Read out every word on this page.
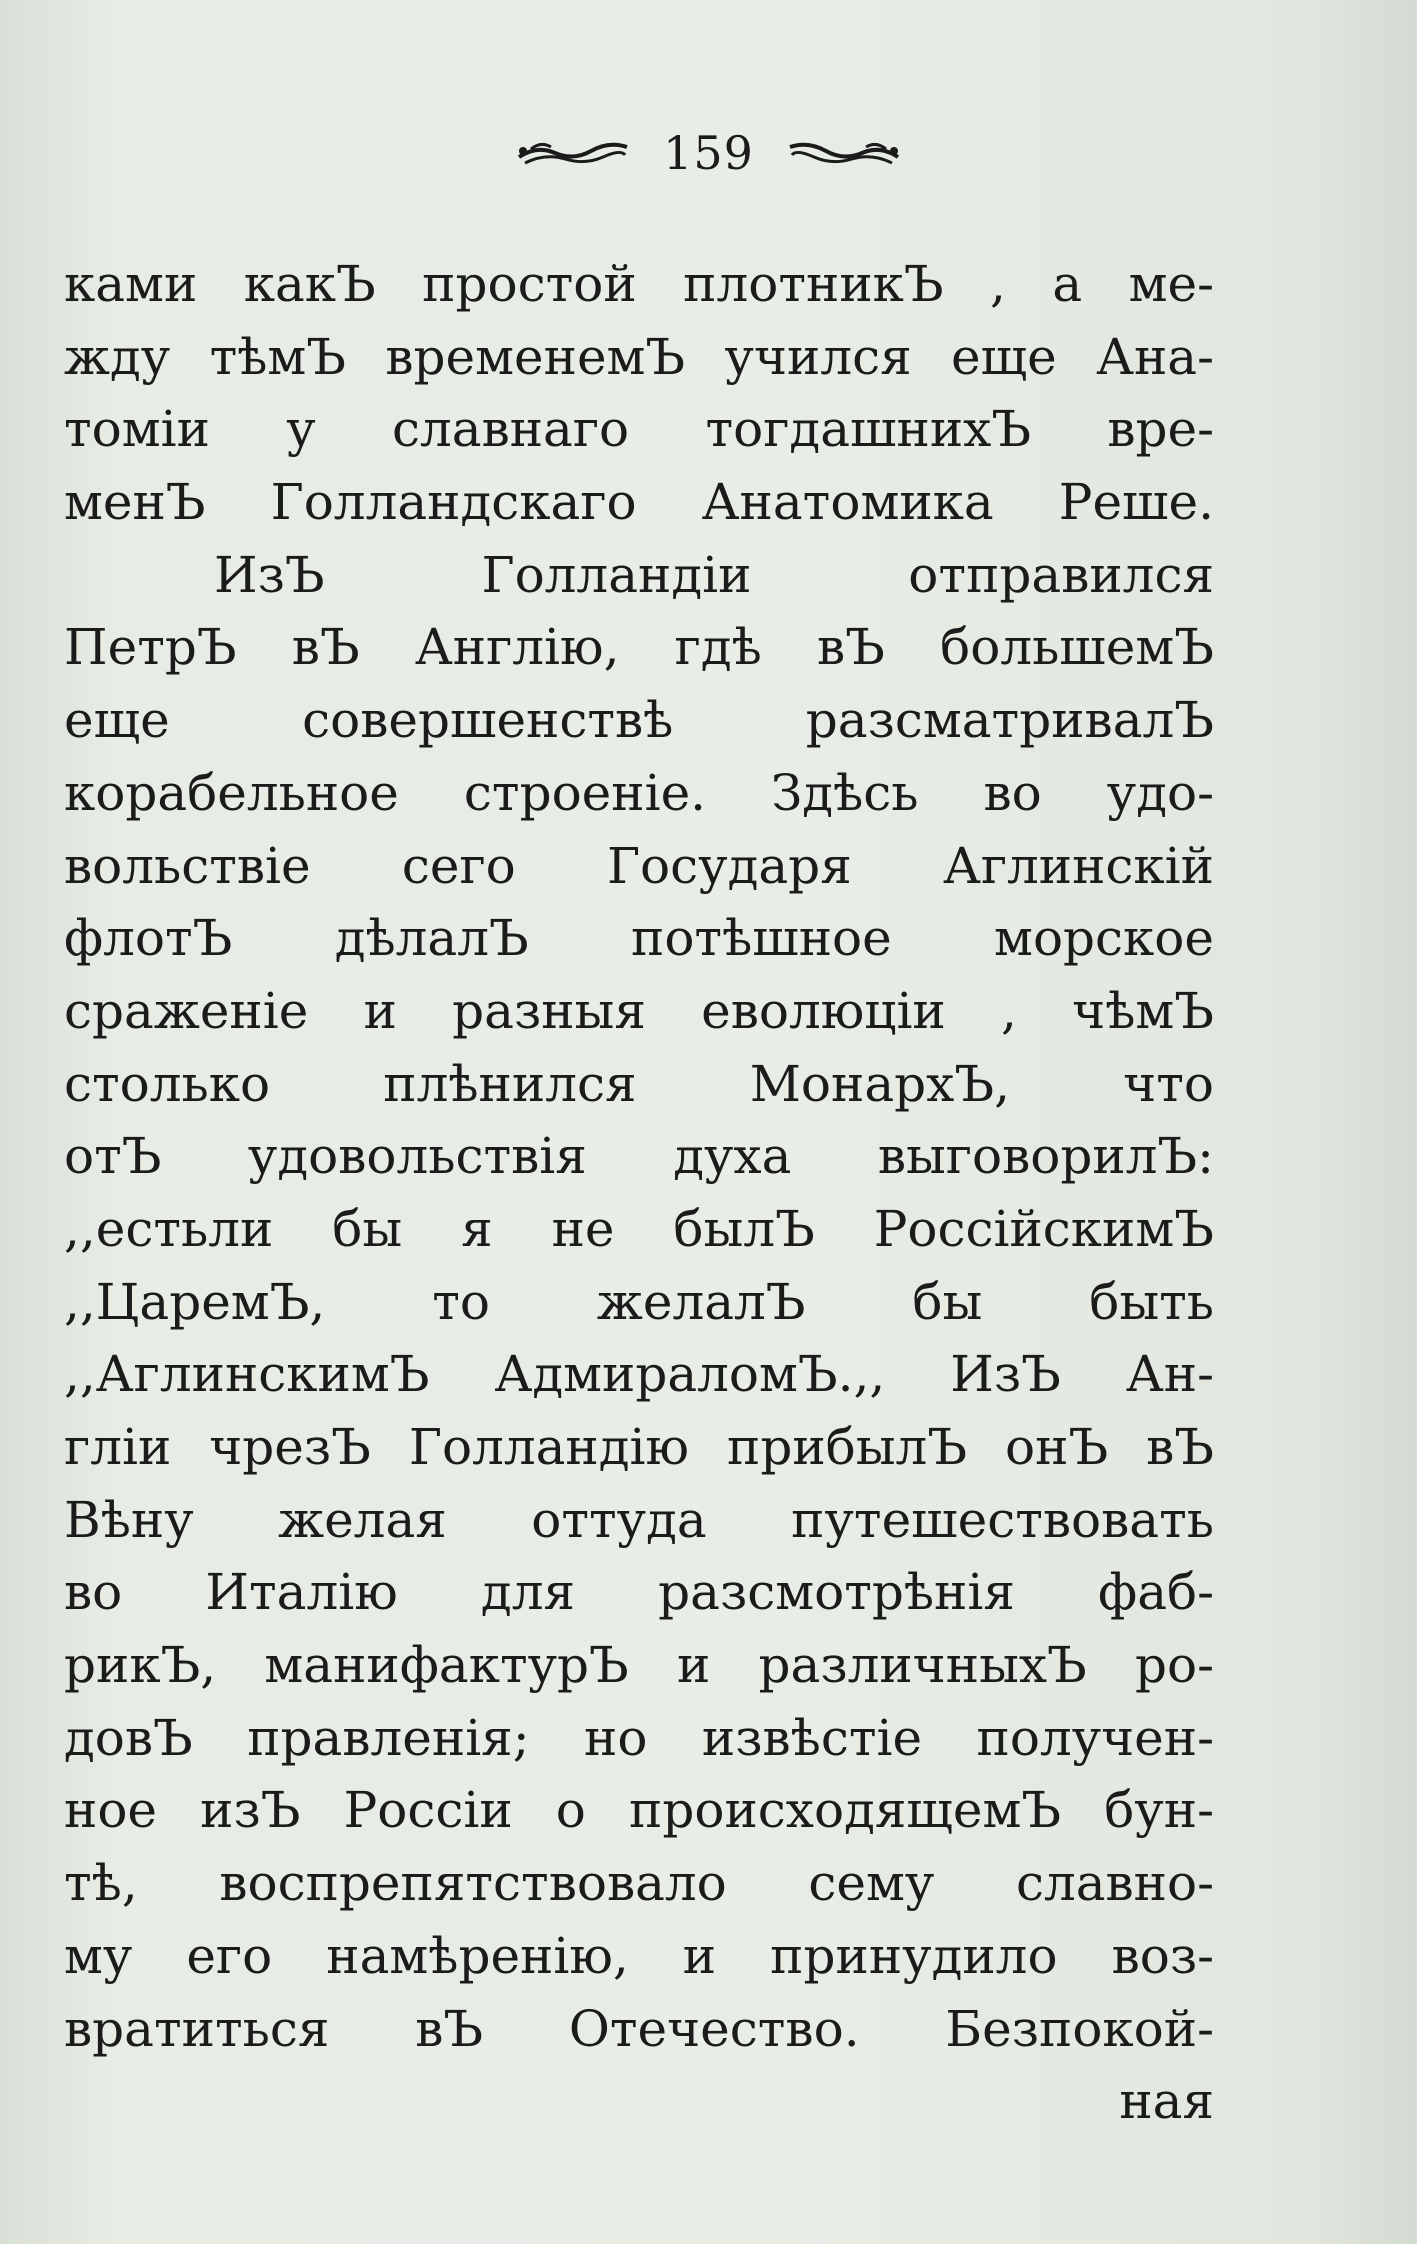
159
ками какЪ простой плотникЪ , а ме-
жду тѣмЪ временемЪ учился еще Ана-
томіи у славнаго тогдашнихЪ вре-
менЪ Голландскаго Анатомика Реше.
ИзЪ Голландіи отправился
ПетрЪ вЪ Англію, гдѣ вЪ большемЪ
еще совершенствѣ разсматривалЪ
корабельное строеніе. Здѣсь во удо-
вольствіе сего Государя Аглинскій
флотЪ дѣлалЪ потѣшное морское
сраженіе и разныя еволюціи , чѣмЪ
столько плѣнился МонархЪ, что
отЪ удовольствія духа выговорилЪ:
,,естьли бы я не былЪ РоссійскимЪ
,,ЦаремЪ, то желалЪ бы быть
,,АглинскимЪ АдмираломЪ.,, ИзЪ Ан-
гліи чрезЪ Голландію прибылЪ онЪ вЪ
Вѣну желая оттуда путешествовать
во Италію для разсмотрѣнія фаб-
рикЪ, манифактурЪ и различныхЪ ро-
довЪ правленія; но извѣстіе получен-
ное изЪ Россіи о происходящемЪ бун-
тѣ, воспрепятствовало сему славно-
му его намѣренію, и принудило воз-
вратиться вЪ Отечество. Безпокой-
ная
